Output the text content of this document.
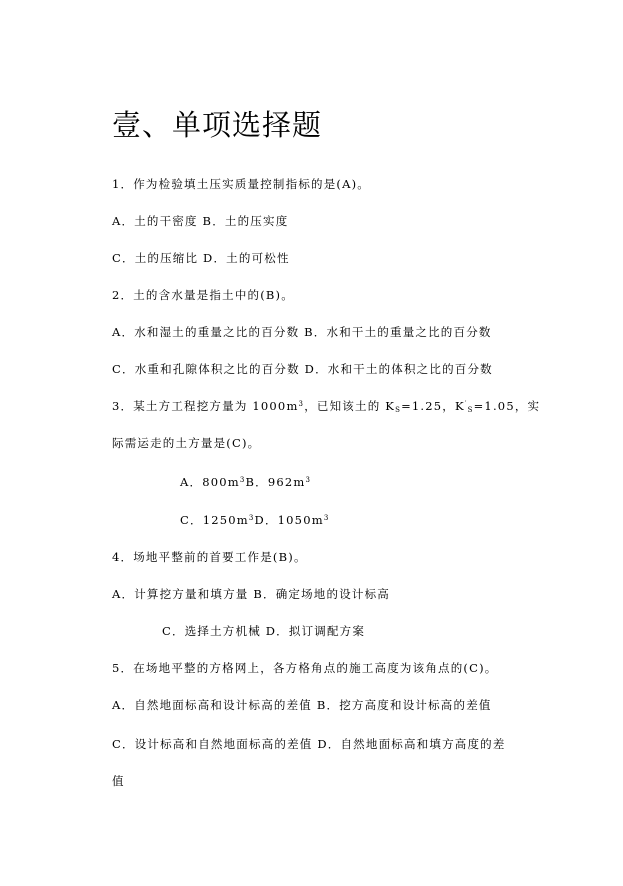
壹、单项选择题

1．作为检验填土压实质量控制指标的是(A)。

A．土的干密度 B．土的压实度

C．土的压缩比 D．土的可松性

2．土的含水量是指土中的(B)。

A．水和湿土的重量之比的百分数 B．水和干土的重量之比的百分数

C．水重和孔隙体积之比的百分数 D．水和干土的体积之比的百分数

3．某土方工程挖方量为 $1000m^3$，已知该土的 $K_S=1.25$，$K'_S=1.05$，实

际需运走的土方量是(C)。

A．$800m^3B$．$962m^3$

C．$1250m^3D$．$1050m^3$

4．场地平整前的首要工作是(B)。

A．计算挖方量和填方量 B．确定场地的设计标高

C．选择土方机械 D．拟订调配方案

5．在场地平整的方格网上，各方格角点的施工高度为该角点的(C)。

A．自然地面标高和设计标高的差值 B．挖方高度和设计标高的差值

C．设计标高和自然地面标高的差值 D．自然地面标高和填方高度的差

值
